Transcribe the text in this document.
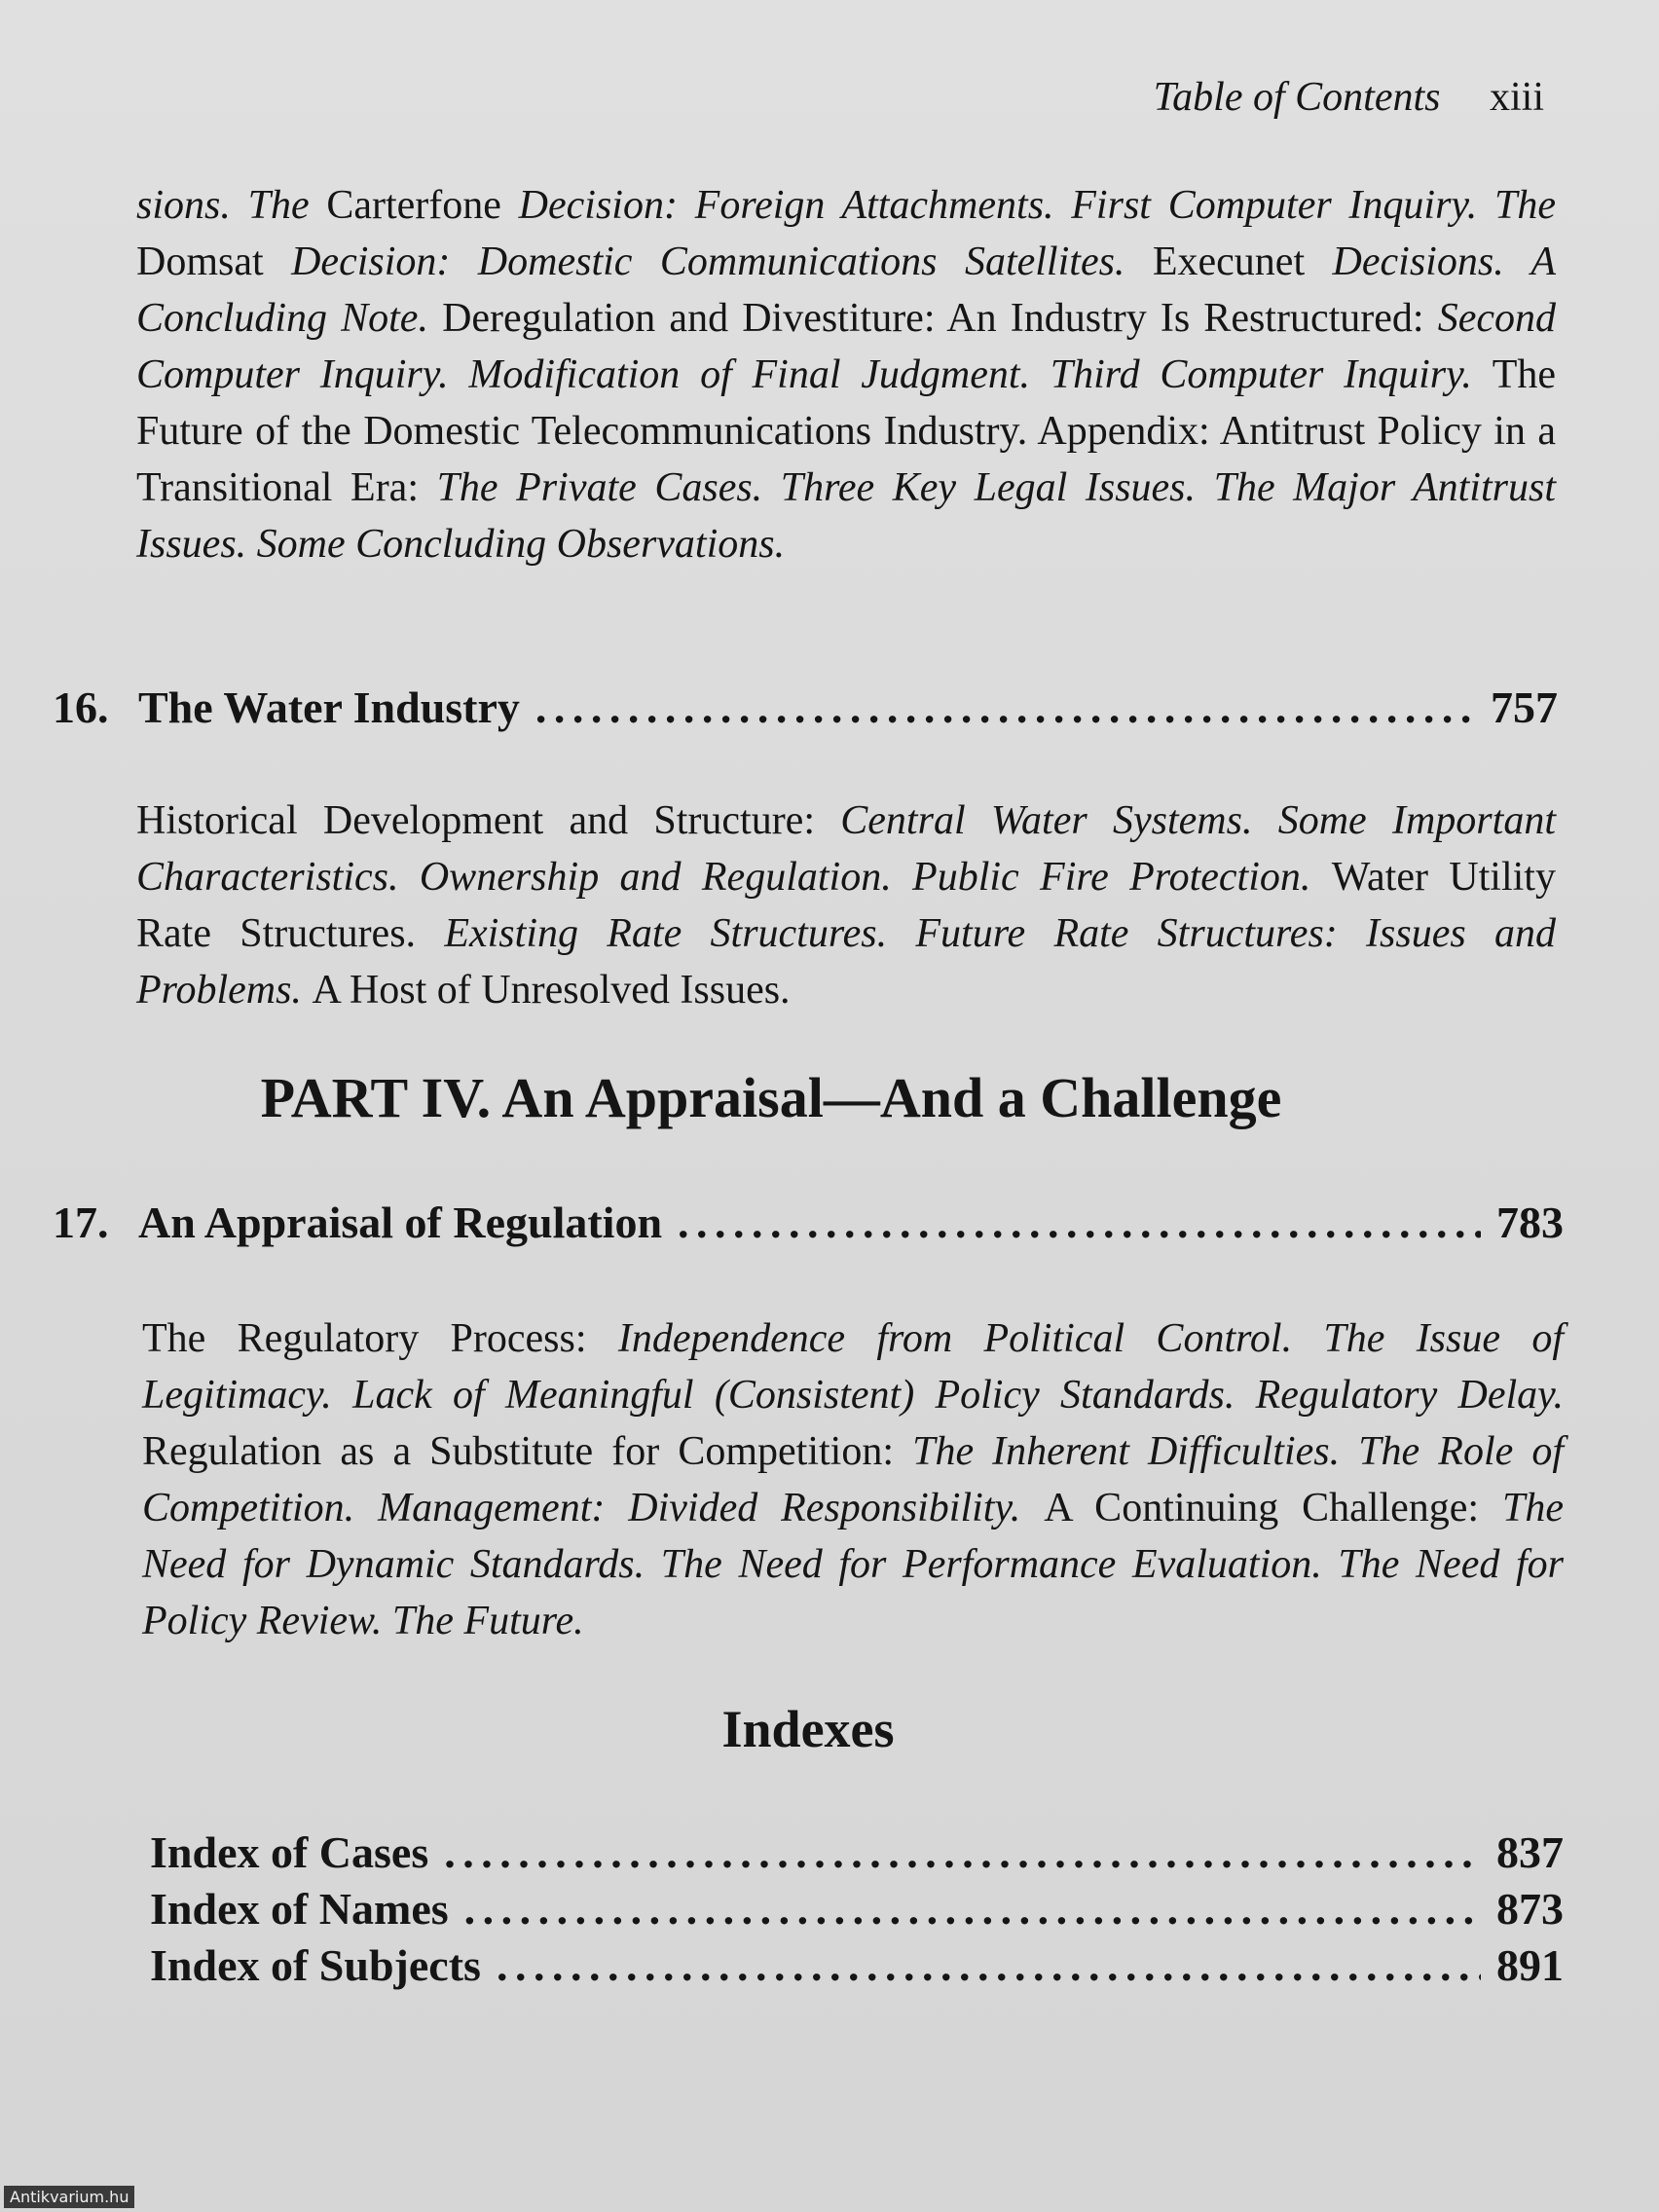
Table of Contents xiii
sions. The Carterfone Decision: Foreign Attachments. First Computer Inquiry. The Domsat Decision: Domestic Communications Satellites. Execunet Decisions. A Concluding Note. Deregulation and Divestiture: An Industry Is Restructured: Second Computer Inquiry. Modification of Final Judgment. Third Computer Inquiry. The Future of the Domestic Telecommunications Industry. Appendix: Antitrust Policy in a Transitional Era: The Private Cases. Three Key Legal Issues. The Major Antitrust Issues. Some Concluding Observations.
16. The Water Industry . . .	757
Historical Development and Structure: Central Water Systems. Some Important Characteristics. Ownership and Regulation. Public Fire Protection. Water Utility Rate Structures. Existing Rate Structures. Future Rate Structures: Issues and Problems. A Host of Unresolved Issues.
PART IV. An Appraisal—And a Challenge
17. An Appraisal of Regulation . . .	783
The Regulatory Process: Independence from Political Control. The Issue of Legitimacy. Lack of Meaningful (Consistent) Policy Standards. Regulatory Delay. Regulation as a Substitute for Competition: The Inherent Difficulties. The Role of Competition. Management: Divided Responsibility. A Continuing Challenge: The Need for Dynamic Standards. The Need for Performance Evaluation. The Need for Policy Review. The Future.
Indexes
Index of Cases . . .	837
Index of Names . . .	873
Index of Subjects . . .	891
Antikvarium.hu
